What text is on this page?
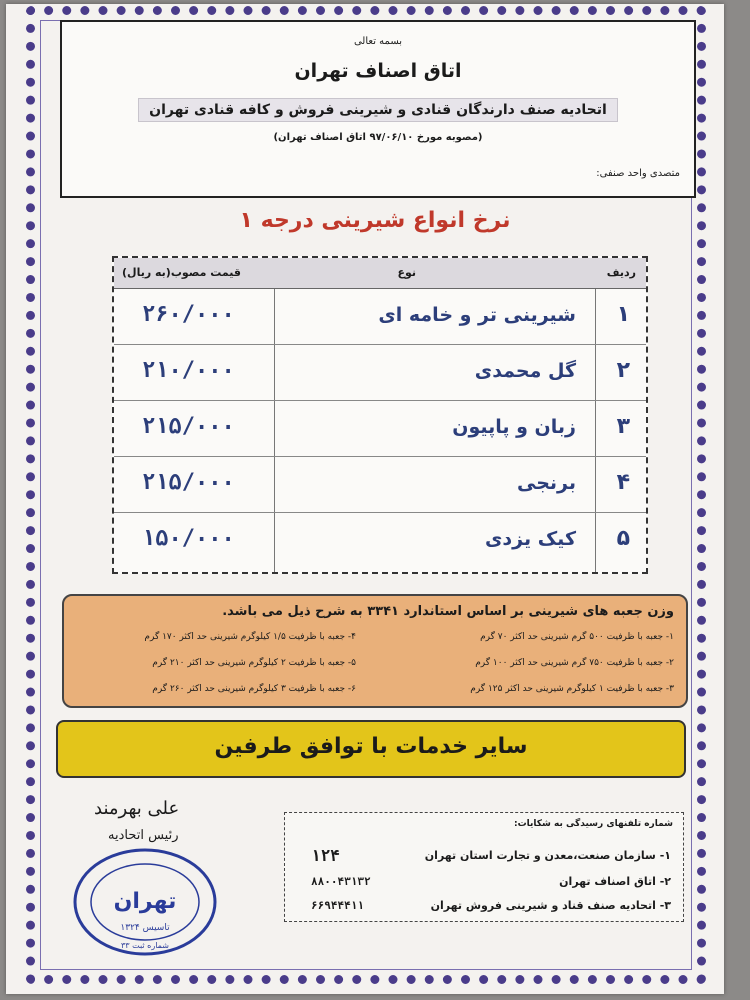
بسمه تعالی
اتاق اصناف تهران
اتحادیه صنف دارندگان قنادی و شیرینی فروش و کافه قنادی تهران
(مصوبه مورخ ۹۷/۰۶/۱۰ اتاق اصناف تهران)
متصدی واحد صنفی:
نرخ انواع شیرینی درجه ۱
ردیف
نوع
قیمت مصوب(به ریال)
۱
شیرینی تر و خامه ای
۲۶۰/۰۰۰
۲
گل محمدی
۲۱۰/۰۰۰
۳
زبان و پاپیون
۲۱۵/۰۰۰
۴
برنجی
۲۱۵/۰۰۰
۵
کیک یزدی
۱۵۰/۰۰۰
وزن جعبه های شیرینی بر اساس استاندارد ۳۳۴۱ به شرح ذیل می باشد.
۱- جعبه با ظرفیت ۵۰۰ گرم شیرینی حد اکثر ۷۰ گرم
۲- جعبه با ظرفیت ۷۵۰ گرم شیرینی حد اکثر ۱۰۰ گرم
۳- جعبه با ظرفیت ۱ کیلوگرم شیرینی حد اکثر ۱۲۵ گرم
۴- جعبه با ظرفیت ۱/۵ کیلوگرم شیرینی حد اکثر ۱۷۰ گرم
۵- جعبه با ظرفیت ۲ کیلوگرم شیرینی حد اکثر ۲۱۰ گرم
۶- جعبه با ظرفیت ۳ کیلوگرم شیرینی حد اکثر ۲۶۰ گرم
سایر خدمات با توافق طرفین
علی بهرمند
رئیس اتحادیه
تهران
تاسیس ۱۳۲۴
شماره ثبت ۳۳
شماره تلفنهای رسیدگی به شکایات:
۱- سازمان صنعت،معدن و تجارت استان تهران
۱۲۴
۲- اتاق اصناف تهران
۸۸۰۰۴۳۱۳۲
۳- اتحادیه صنف قناد و شیرینی فروش تهران
۶۶۹۴۴۴۱۱
